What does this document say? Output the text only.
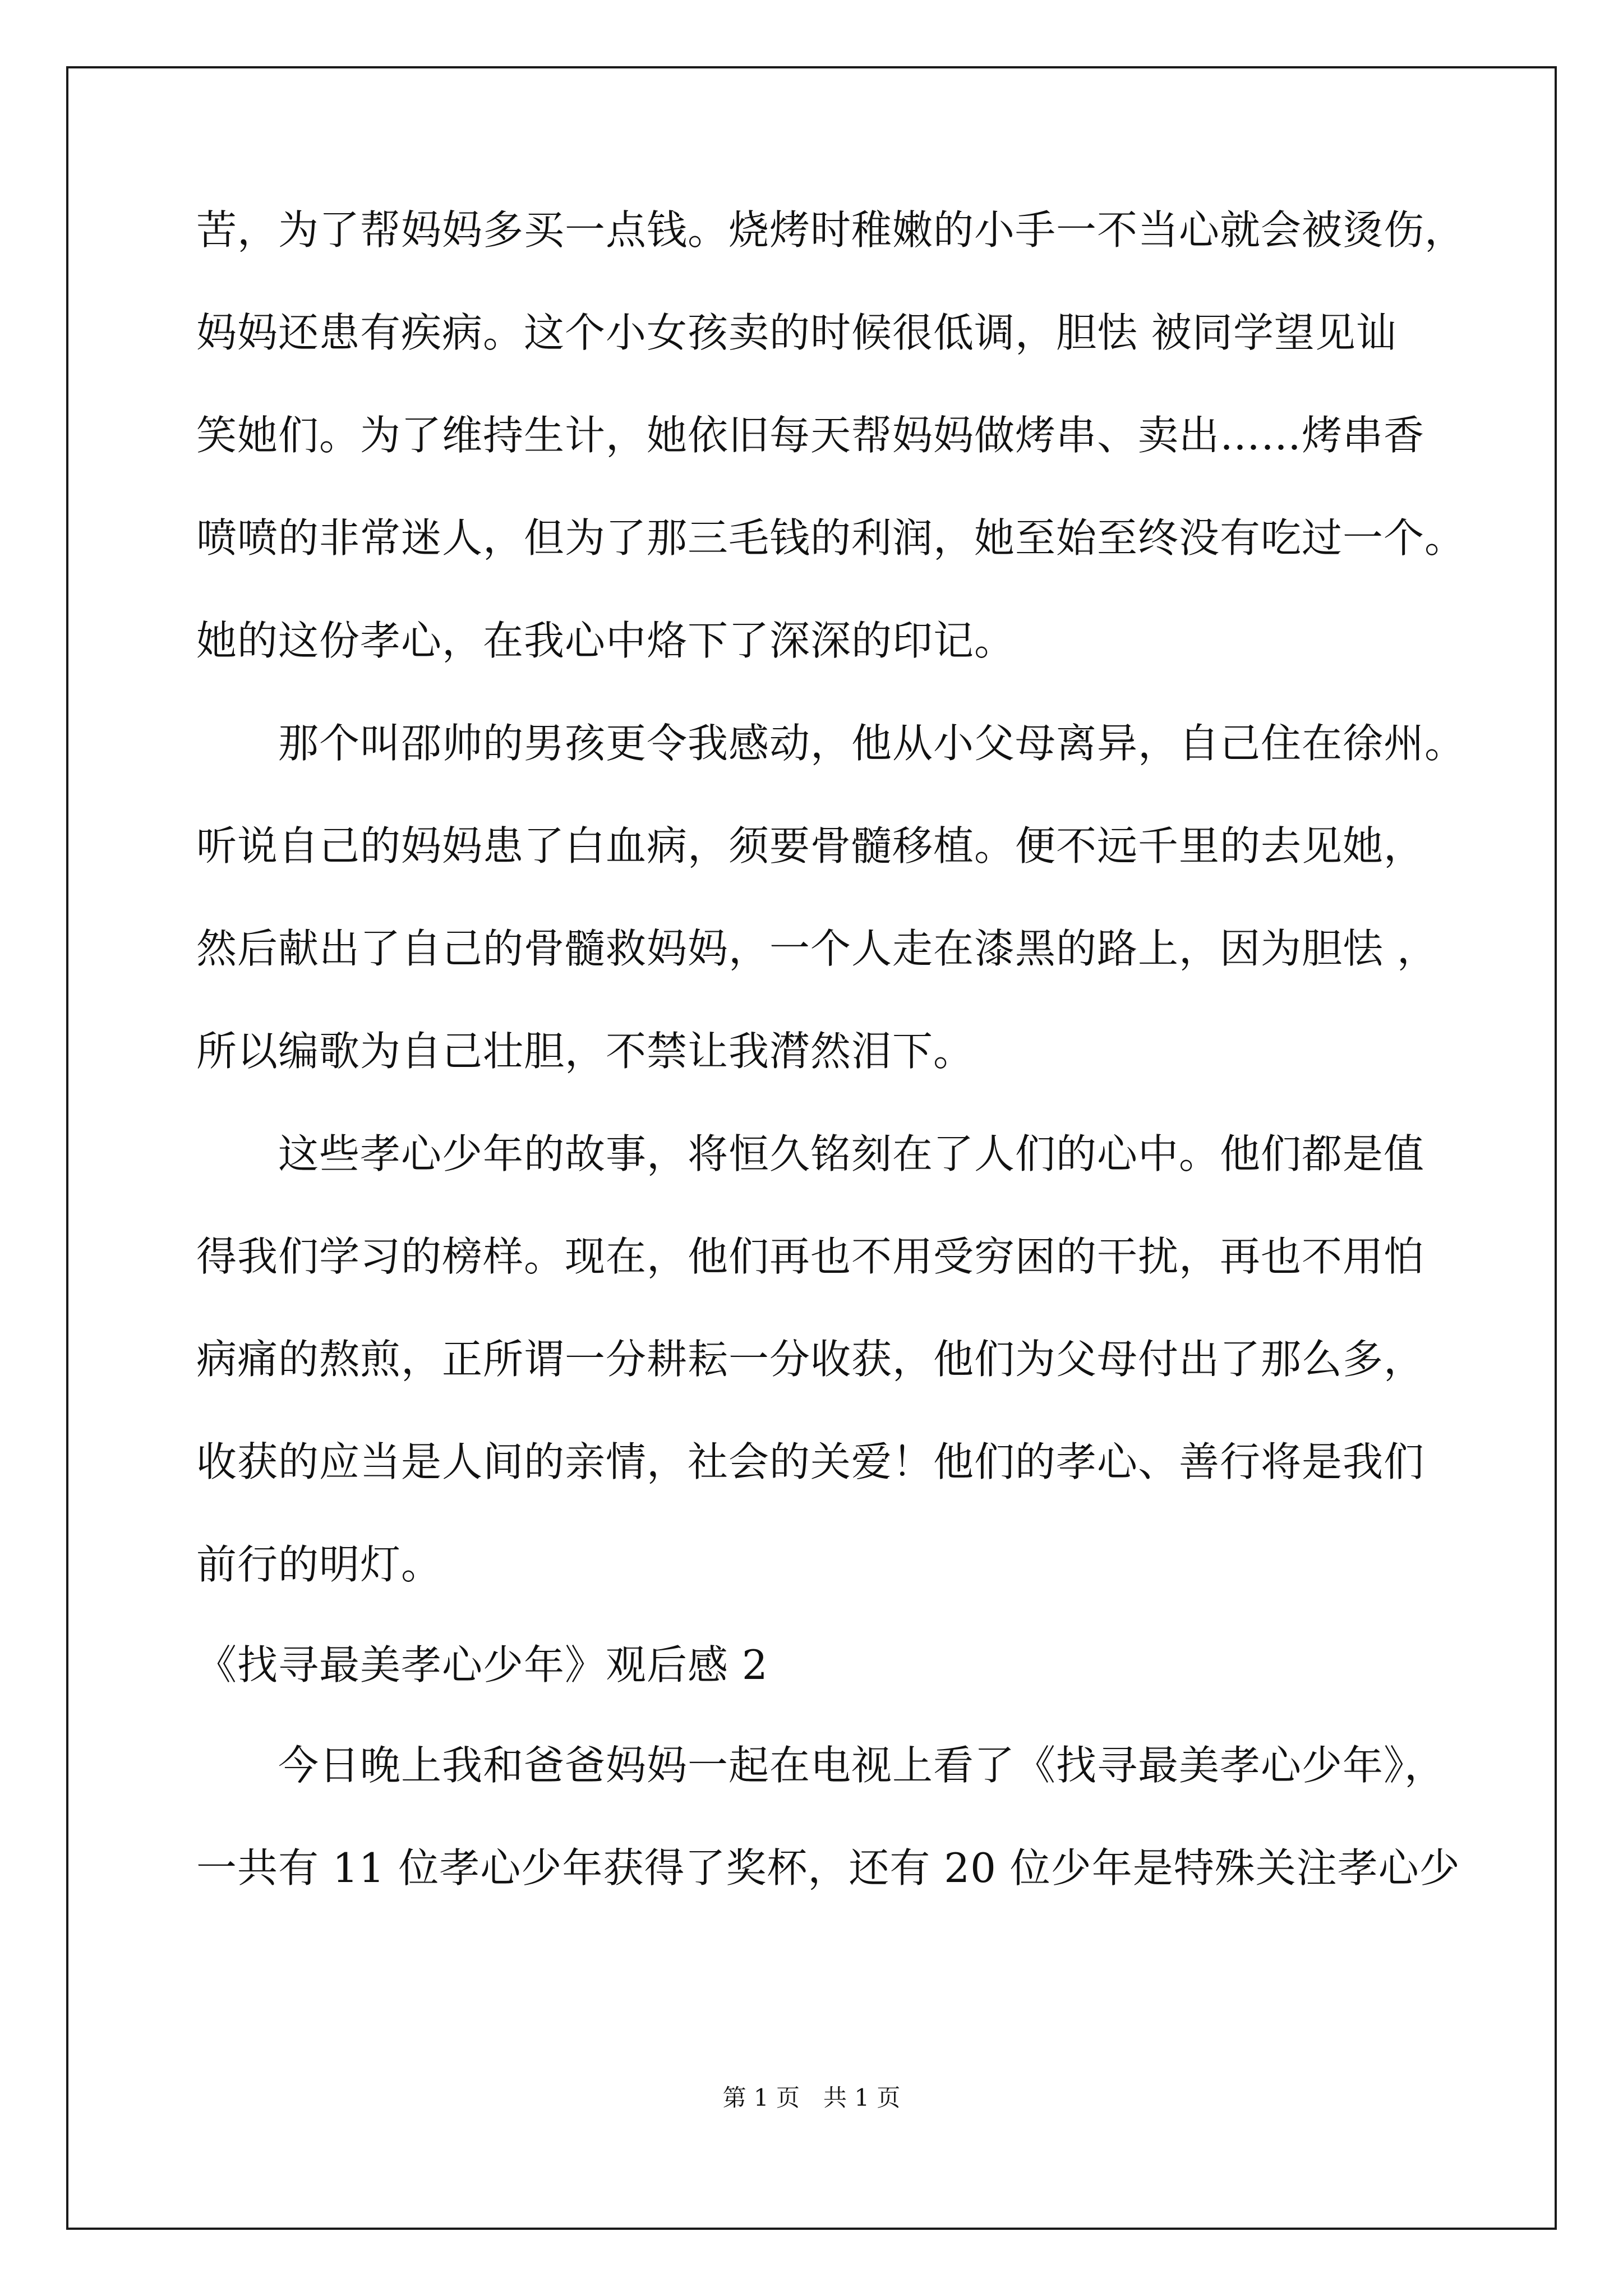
苦，为了帮妈妈多买一点钱。烧烤时稚嫩的小手一不当心就会被烫伤，
妈妈还患有疾病。这个小女孩卖的时候很低调，胆怯 被同学望见讪
笑她们。为了维持生计，她依旧每天帮妈妈做烤串、卖出……烤串香
喷喷的非常迷人，但为了那三毛钱的利润，她至始至终没有吃过一个。
她的这份孝心，在我心中烙下了深深的印记。
　　那个叫邵帅的男孩更令我感动，他从小父母离异，自己住在徐州。
听说自己的妈妈患了白血病，须要骨髓移植。便不远千里的去见她，
然后献出了自己的骨髓救妈妈，一个人走在漆黑的路上，因为胆怯 ，
所以编歌为自己壮胆，不禁让我潸然泪下。
　　这些孝心少年的故事，将恒久铭刻在了人们的心中。他们都是值
得我们学习的榜样。现在，他们再也不用受穷困的干扰，再也不用怕
病痛的熬煎，正所谓一分耕耘一分收获，他们为父母付出了那么多，
收获的应当是人间的亲情，社会的关爱！他们的孝心、善行将是我们
前行的明灯。
《找寻最美孝心少年》观后感 2
　　今日晚上我和爸爸妈妈一起在电视上看了《找寻最美孝心少年》，
一共有 11 位孝心少年获得了奖杯，还有 20 位少年是特殊关注孝心少
第 1 页　共 1 页
